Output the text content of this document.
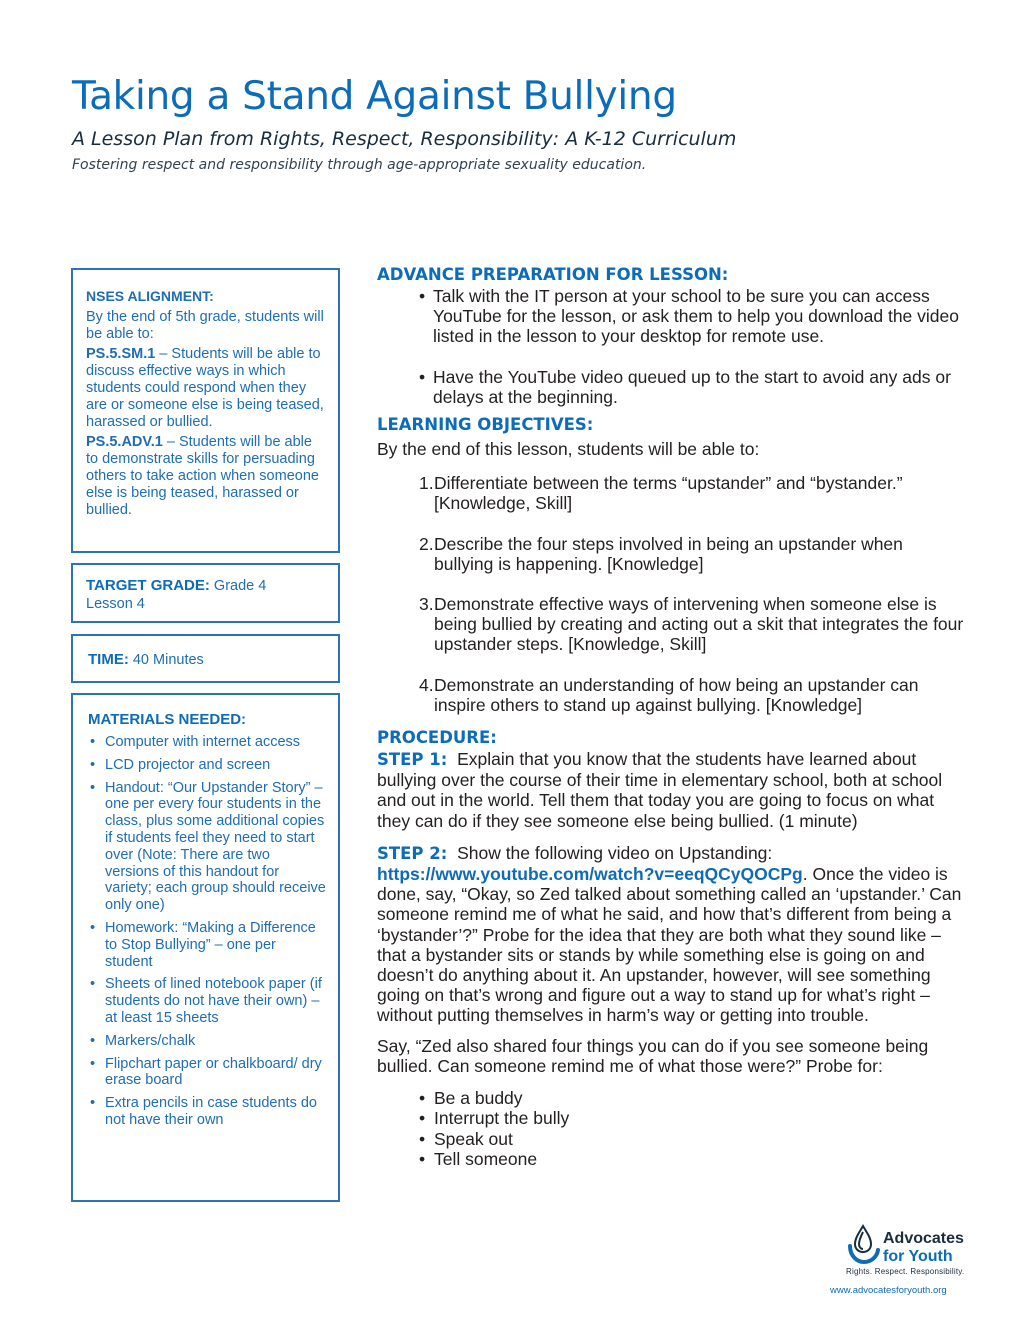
Taking a Stand Against Bullying

A Lesson Plan from Rights, Respect, Responsibility: A K-12 Curriculum

Fostering respect and responsibility through age-appropriate sexuality education.

NSES ALIGNMENT:

By the end of 5th grade, students will be able to:

PS.5.SM.1 – Students will be able to discuss effective ways in which students could respond when they are or someone else is being teased, harassed or bullied.

PS.5.ADV.1 – Students will be able to demonstrate skills for persuading others to take action when someone else is being teased, harassed or bullied.

TARGET GRADE: Grade 4
Lesson 4
TIME: 40 Minutes
MATERIALS NEEDED:
• Computer with internet access
• LCD projector and screen
• Handout: “Our Upstander Story” – one per every four students in the class, plus some additional copies if students feel they need to start over (Note: There are two versions of this handout for variety; each group should receive only one)
• Homework: “Making a Difference to Stop Bullying” – one per student
• Sheets of lined notebook paper (if students do not have their own) – at least 15 sheets
• Markers/chalk
• Flipchart paper or chalkboard/ dry erase board
• Extra pencils in case students do not have their own

ADVANCE PREPARATION FOR LESSON:

• Talk with the IT person at your school to be sure you can access YouTube for the lesson, or ask them to help you download the video listed in the lesson to your desktop for remote use.
• Have the YouTube video queued up to the start to avoid any ads or delays at the beginning.

LEARNING OBJECTIVES:

By the end of this lesson, students will be able to:

1. Differentiate between the terms “upstander” and “bystander.” [Knowledge, Skill]
2. Describe the four steps involved in being an upstander when bullying is happening. [Knowledge]
3. Demonstrate effective ways of intervening when someone else is being bullied by creating and acting out a skit that integrates the four upstander steps. [Knowledge, Skill]
4. Demonstrate an understanding of how being an upstander can inspire others to stand up against bullying. [Knowledge]

PROCEDURE:

STEP 1: Explain that you know that the students have learned about bullying over the course of their time in elementary school, both at school and out in the world. Tell them that today you are going to focus on what they can do if they see someone else being bullied. (1 minute)

STEP 2: Show the following video on Upstanding: https://www.youtube.com/watch?v=eeqQCyQOCPg. Once the video is done, say, “Okay, so Zed talked about something called an ‘upstander.’ Can someone remind me of what he said, and how that’s different from being a ‘bystander’?” Probe for the idea that they are both what they sound like – that a bystander sits or stands by while something else is going on and doesn’t do anything about it. An upstander, however, will see something going on that’s wrong and figure out a way to stand up for what’s right – without putting themselves in harm’s way or getting into trouble.

Say, “Zed also shared four things you can do if you see someone being bullied. Can someone remind me of what those were?” Probe for:

• Be a buddy
• Interrupt the bully
• Speak out
• Tell someone
Advocates
for Youth
Rights. Respect. Responsibility.
www.advocatesforyouth.org
